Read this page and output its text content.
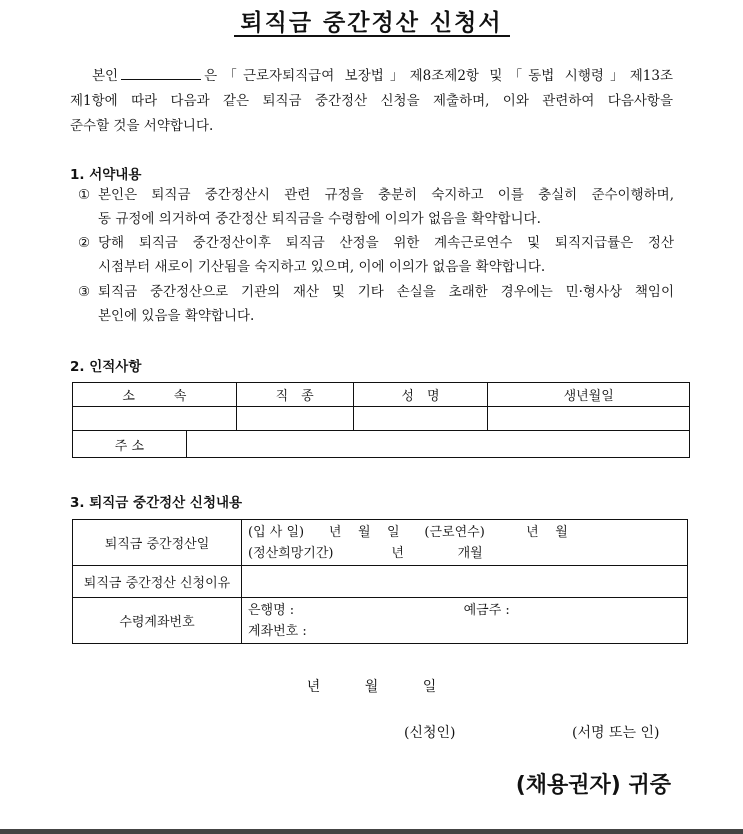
퇴직금 중간정산 신청서
본인	은「근로자퇴직급여 보장법」제8조제2항 및「동법 시행령」제13조
제1항에 따라 다음과 같은 퇴직금 중간정산 신청을 제출하며, 이와 관련하여 다음사항을
준수할 것을 서약합니다.
1. 서약내용
① 본인은 퇴직금 중간정산시 관련 규정을 충분히 숙지하고 이를 충실히 준수이행하며,
동 규정에 의거하여 중간정산 퇴직금을 수령함에 이의가 없음을 확약합니다.
② 당해 퇴직금 중간정산이후 퇴직금 산정을 위한 계속근로연수 및 퇴직지급률은 정산
시점부터 새로이 기산됨을 숙지하고 있으며, 이에 이의가 없음을 확약합니다.
③ 퇴직금 중간정산으로 기관의 재산 및 기타 손실을 초래한 경우에는 민·형사상 책임이
본인에 있음을 확약합니다.
2. 인적사항
소　　　속		직　종	성　명	생년월일

주 소				
3. 퇴직금 중간정산 신청내용
퇴직금 중간정산일	(입 사 일)      년    월    일      (근로연수)          년    월
(정산희망기간)              년             개월

퇴직금 중간정산 신청이유	
수령계좌번호	은행명 :                                         예금주 :
계좌번호 :
년          월          일
(신청인)	(서명 또는 인)
(채용권자) 귀중
